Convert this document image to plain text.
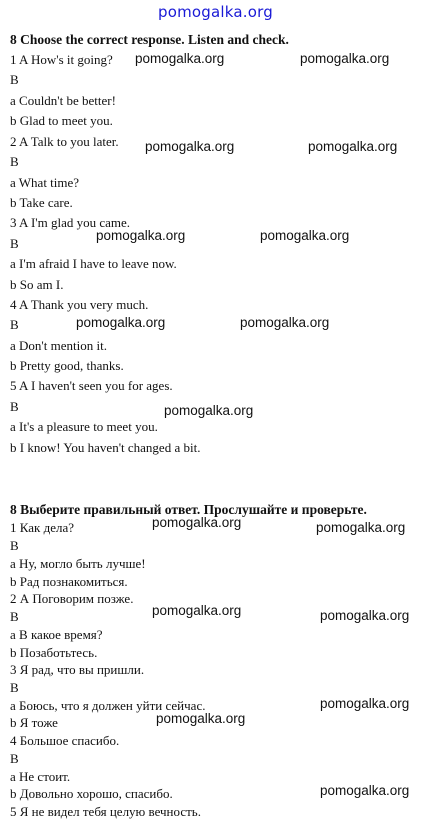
pomogalka.org
8 Choose the correct response. Listen and check.
1 A How's it going?
B
a Couldn't be better!
b Glad to meet you.
2 A Talk to you later.
B
a What time?
b Take care.
3 A I'm glad you came.
B
a I'm afraid I have to leave now.
b So am I.
4 A Thank you very much.
B
a Don't mention it.
b Pretty good, thanks.
5 A I haven't seen you for ages.
B
a It's a pleasure to meet you.
b I know! You haven't changed a bit.
8 Выберите правильный ответ. Прослушайте и проверьте.
1 Как дела?
B
a Ну, могло быть лучше!
b Рад познакомиться.
2 А Поговорим позже.
B
a В какое время?
b Позаботьтесь.
3 Я рад, что вы пришли.
B
a Боюсь, что я должен уйти сейчас.
b Я тоже
4 Большое спасибо.
B
a Не стоит.
b Довольно хорошо, спасибо.
5 Я не видел тебя целую вечность.
pomogalka.org	pomogalka.org
pomogalka.org	pomogalka.org
pomogalka.org	pomogalka.org
pomogalka.org	pomogalka.org
pomogalka.org
pomogalka.org	pomogalka.org
pomogalka.org	pomogalka.org
pomogalka.org
pomogalka.org
pomogalka.org
